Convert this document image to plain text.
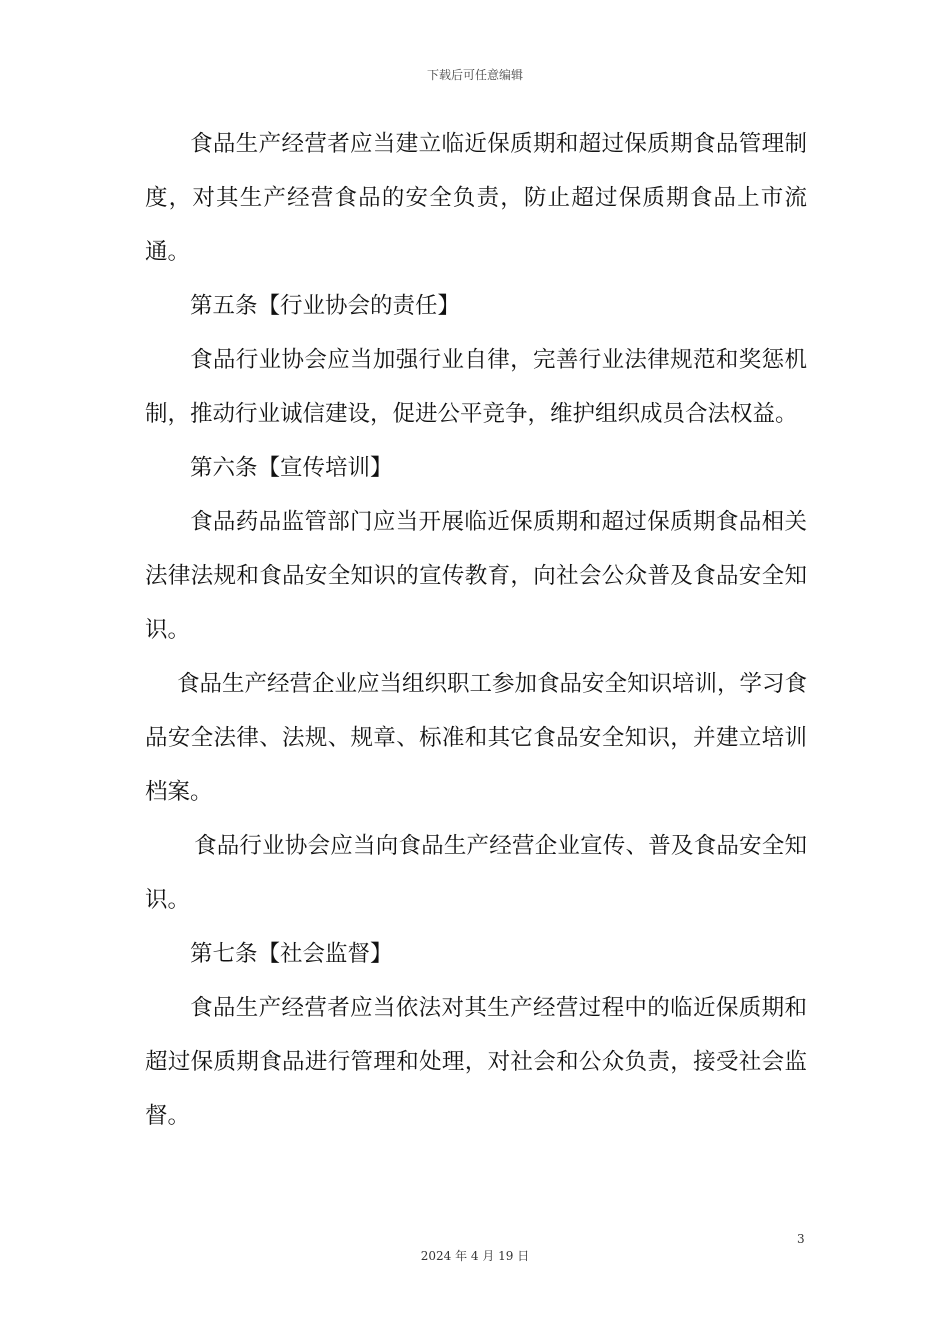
下载后可任意编辑

食品生产经营者应当建立临近保质期和超过保质期食品管理制度，对其生产经营食品的安全负责，防止超过保质期食品上市流通。

第五条【行业协会的责任】

食品行业协会应当加强行业自律，完善行业法律规范和奖惩机制，推动行业诚信建设，促进公平竞争，维护组织成员合法权益。

第六条【宣传培训】

食品药品监管部门应当开展临近保质期和超过保质期食品相关法律法规和食品安全知识的宣传教育，向社会公众普及食品安全知识。

食品生产经营企业应当组织职工参加食品安全知识培训，学习食品安全法律、法规、规章、标准和其它食品安全知识，并建立培训档案。

食品行业协会应当向食品生产经营企业宣传、普及食品安全知识。

第七条【社会监督】

食品生产经营者应当依法对其生产经营过程中的临近保质期和超过保质期食品进行管理和处理，对社会和公众负责，接受社会监督。

3
2024 年 4 月 19 日
